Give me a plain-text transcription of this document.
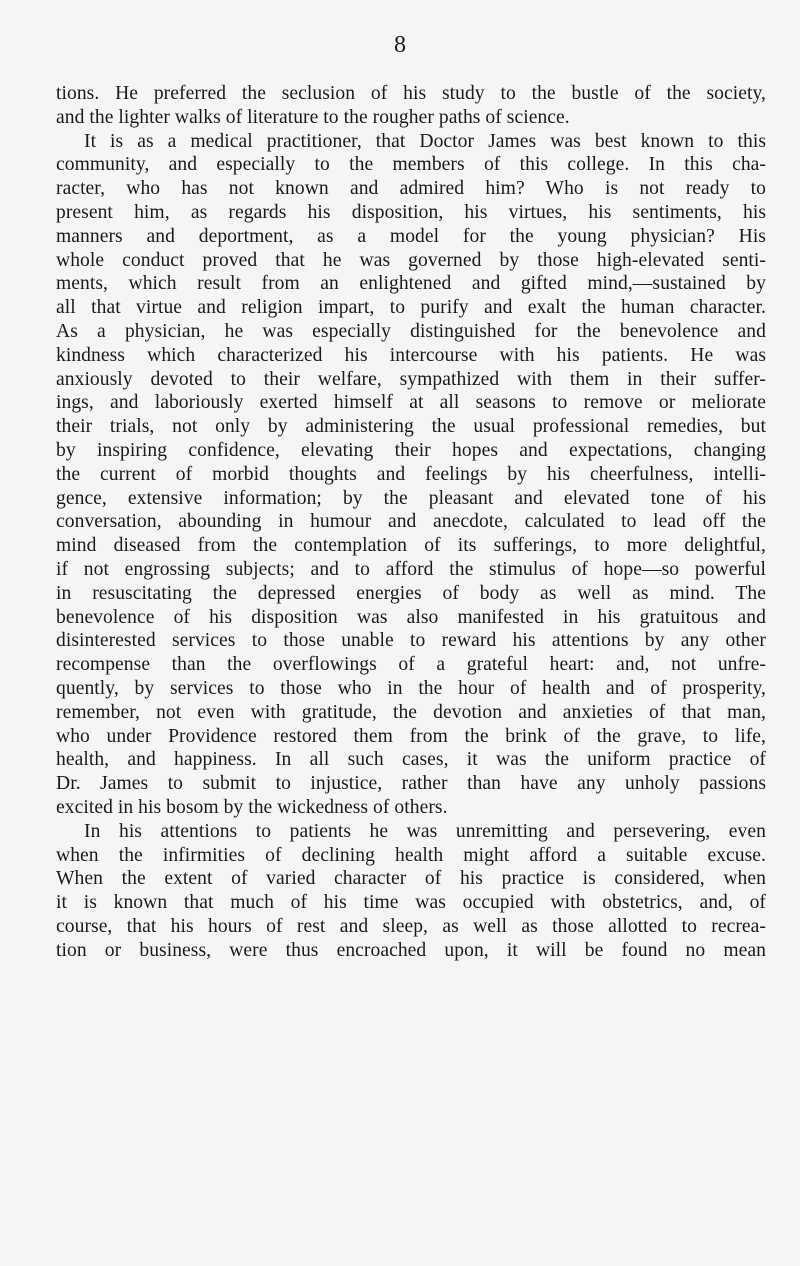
8
tions. He preferred the seclusion of his study to the bustle of the society,
and the lighter walks of literature to the rougher paths of science.
It is as a medical practitioner, that Doctor James was best known to this
community, and especially to the members of this college. In this cha-
racter, who has not known and admired him? Who is not ready to
present him, as regards his disposition, his virtues, his sentiments, his
manners and deportment, as a model for the young physician? His
whole conduct proved that he was governed by those high-elevated senti-
ments, which result from an enlightened and gifted mind,—sustained by
all that virtue and religion impart, to purify and exalt the human character.
As a physician, he was especially distinguished for the benevolence and
kindness which characterized his intercourse with his patients. He was
anxiously devoted to their welfare, sympathized with them in their suffer-
ings, and laboriously exerted himself at all seasons to remove or meliorate
their trials, not only by administering the usual professional remedies, but
by inspiring confidence, elevating their hopes and expectations, changing
the current of morbid thoughts and feelings by his cheerfulness, intelli-
gence, extensive information; by the pleasant and elevated tone of his
conversation, abounding in humour and anecdote, calculated to lead off the
mind diseased from the contemplation of its sufferings, to more delightful,
if not engrossing subjects; and to afford the stimulus of hope—so powerful
in resuscitating the depressed energies of body as well as mind. The
benevolence of his disposition was also manifested in his gratuitous and
disinterested services to those unable to reward his attentions by any other
recompense than the overflowings of a grateful heart: and, not unfre-
quently, by services to those who in the hour of health and of prosperity,
remember, not even with gratitude, the devotion and anxieties of that man,
who under Providence restored them from the brink of the grave, to life,
health, and happiness. In all such cases, it was the uniform practice of
Dr. James to submit to injustice, rather than have any unholy passions
excited in his bosom by the wickedness of others.
In his attentions to patients he was unremitting and persevering, even
when the infirmities of declining health might afford a suitable excuse.
When the extent of varied character of his practice is considered, when
it is known that much of his time was occupied with obstetrics, and, of
course, that his hours of rest and sleep, as well as those allotted to recrea-
tion or business, were thus encroached upon, it will be found no mean
